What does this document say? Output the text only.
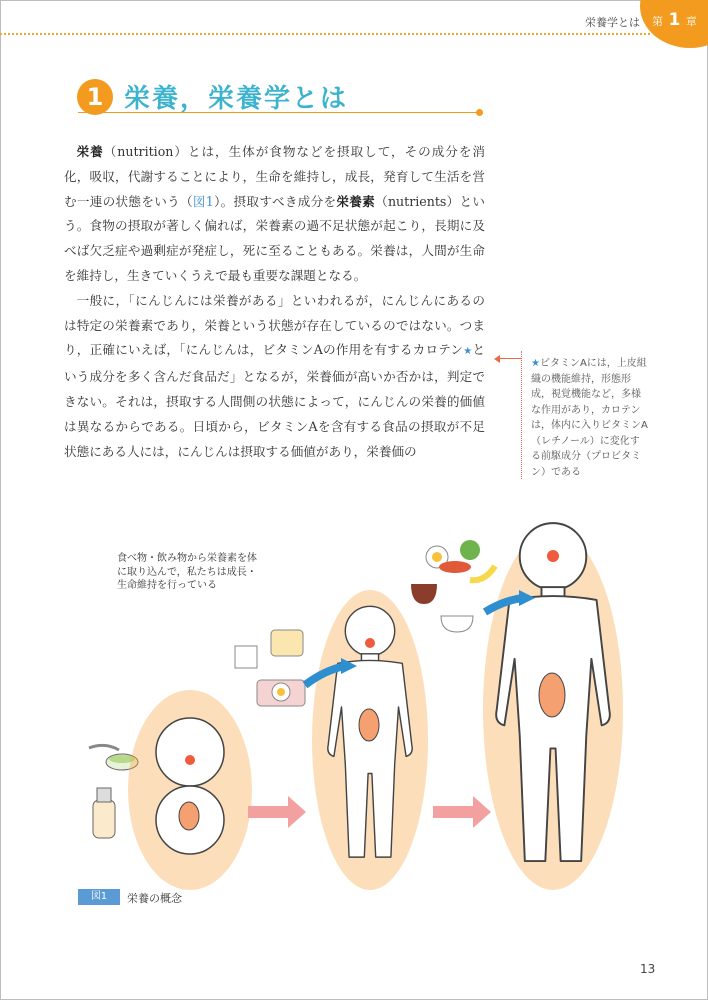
栄養学とは 第 1 章
1 栄養，栄養学とは

栄養（nutrition）とは，生体が食物などを摂取して，その成分を消化，吸収，代謝することにより，生命を維持し，成長，発育して生活を営む一連の状態をいう（図1）。摂取すべき成分を栄養素（nutrients）という。食物の摂取が著しく偏れば，栄養素の過不足状態が起こり，長期に及べば欠乏症や過剰症が発症し，死に至ることもある。栄養は，人間が生命を維持し，生きていくうえで最も重要な課題となる。

一般に，「にんじんには栄養がある」といわれるが，にんじんにあるのは特定の栄養素であり，栄養という状態が存在しているのではない。つまり，正確にいえば，「にんじんは，ビタミンAの作用を有するカロテン★という成分を多く含んだ食品だ」となるが，栄養価が高いか否かは，判定できない。それは，摂取する人間側の状態によって，にんじんの栄養的価値は異なるからである。日頃から，ビタミンAを含有する食品の摂取が不足状態にある人には，にんじんは摂取する価値があり，栄養価の

★ビタミンAには，上皮組織の機能維持，形態形成，視覚機能など，多様な作用があり，カロテンは，体内に入りビタミンA（レチノール）に変化する前駆成分（プロビタミン）である
食べ物・飲み物から栄養素を体に取り込んで，私たちは成長・生命維持を行っている
図1	栄養の概念
13
